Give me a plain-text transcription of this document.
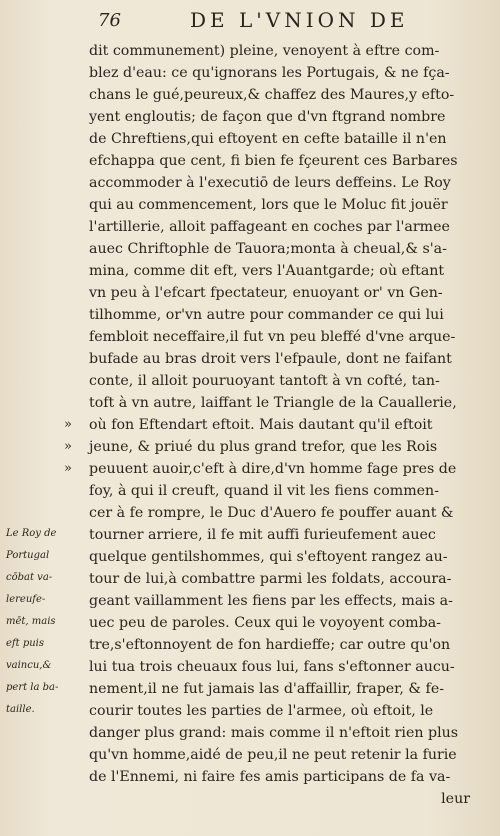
76	DE L'VNION DE
dit communement) pleine, venoyent à eftre com-
blez d'eau: ce qu'ignorans les Portugais, & ne fça-
chans le gué,peureux,& chaffez des Maures,y efto-
yent engloutis; de façon que d'vn ftgrand nombre
de Chreftiens,qui eftoyent en cefte bataille il n'en
efchappa que cent, fi bien fe fçeurent ces Barbares
accommoder à l'executiō de leurs deffeins. Le Roy
qui au commencement, lors que le Moluc fit jouër
l'artillerie, alloit paffageant en coches par l'armee
auec Chriftophle de Tauora;monta à cheual,& s'a-
mina, comme dit eft, vers l'Auantgarde; où eftant
vn peu à l'efcart fpectateur, enuoyant or' vn Gen-
tilhomme, or'vn autre pour commander ce qui lui
fembloit neceffaire,il fut vn peu bleffé d'vne arque-
bufade au bras droit vers l'efpaule, dont ne faifant
conte, il alloit pouruoyant tantoft à vn cofté, tan-
toft à vn autre, laiffant le Triangle de la Cauallerie,
» où fon Eftendart eftoit. Mais dautant qu'il eftoit
» jeune, & priué du plus grand trefor, que les Rois
» peuuent auoir,c'eft à dire,d'vn homme fage pres de
foy, à qui il creuft, quand il vit les fiens commen-
cer à fe rompre, le Duc d'Auero fe pouffer auant &
tourner arriere, il fe mit auffi furieufement auec
quelque gentilshommes, qui s'eftoyent rangez au-
tour de lui,à combattre parmi les foldats, accoura-
geant vaillamment les fiens par les effects, mais a-
uec peu de paroles. Ceux qui le voyoyent comba-
tre,s'eftonnoyent de fon hardieffe; car outre qu'on
lui tua trois cheuaux fous lui, fans s'eftonner aucu-
nement,il ne fut jamais las d'affaillir, fraper, & fe-
courir toutes les parties de l'armee, où eftoit, le
danger plus grand: mais comme il n'eftoit rien plus
qu'vn homme,aidé de peu,il ne peut retenir la furie
de l'Ennemi, ni faire fes amis participans de fa va-
leur
Le Roy de
Portugal
cōbat va-
lereufe-
mēt, mais
eft puis
vaincu,&
pert la ba-
taille.
